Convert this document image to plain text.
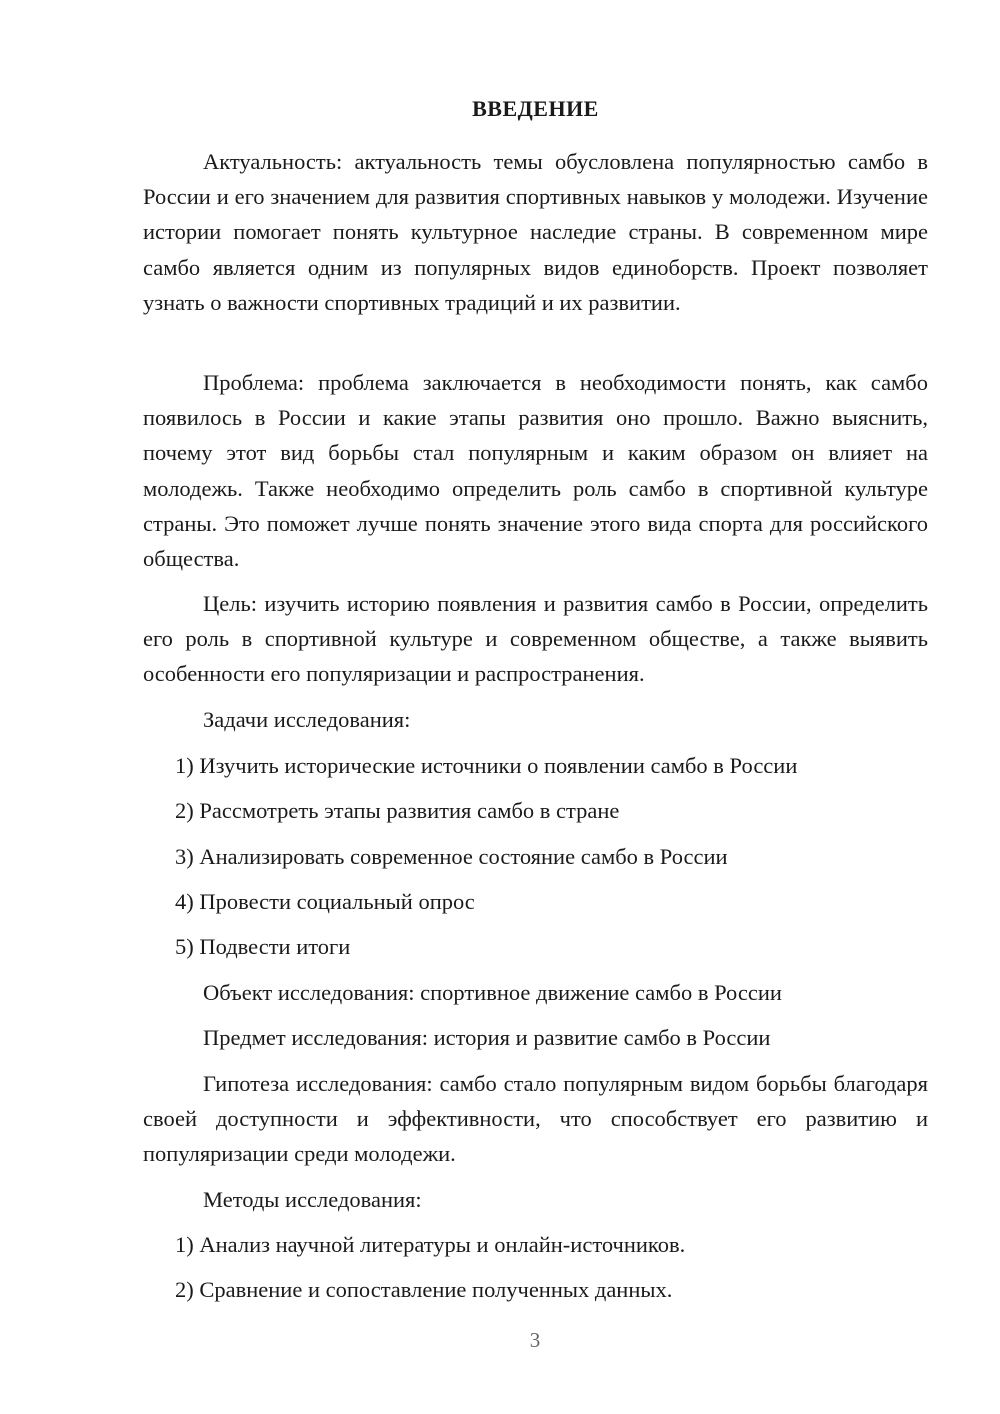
ВВЕДЕНИЕ

Актуальность: актуальность темы обусловлена популярностью самбо в России и его значением для развития спортивных навыков у молодежи. Изучение истории помогает понять культурное наследие страны. В современном мире самбо является одним из популярных видов единоборств. Проект позволяет узнать о важности спортивных традиций и их развитии.

Проблема: проблема заключается в необходимости понять, как самбо появилось в России и какие этапы развития оно прошло. Важно выяснить, почему этот вид борьбы стал популярным и каким образом он влияет на молодежь. Также необходимо определить роль самбо в спортивной культуре страны. Это поможет лучше понять значение этого вида спорта для российского общества.

Цель: изучить историю появления и развития самбо в России, определить его роль в спортивной культуре и современном обществе, а также выявить особенности его популяризации и распространения.

Задачи исследования:

1) Изучить исторические источники о появлении самбо в России

2) Рассмотреть этапы развития самбо в стране

3) Анализировать современное состояние самбо в России

4) Провести социальный опрос

5) Подвести итоги

Объект исследования: спортивное движение самбо в России

Предмет исследования: история и развитие самбо в России

Гипотеза исследования: самбо стало популярным видом борьбы благодаря своей доступности и эффективности, что способствует его развитию и популяризации среди молодежи.

Методы исследования:

1) Анализ научной литературы и онлайн-источников.

2) Сравнение и сопоставление полученных данных.

3
